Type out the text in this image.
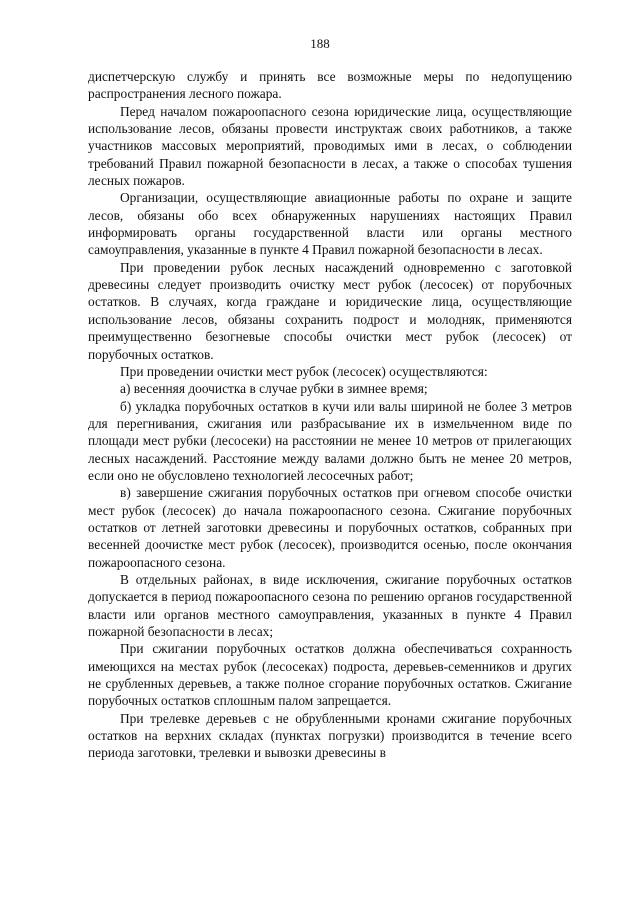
188

диспетчерскую службу и принять все возможные меры по недопущению распространения лесного пожара.

Перед началом пожароопасного сезона юридические лица, осуществляющие использование лесов, обязаны провести инструктаж своих работников, а также участников массовых мероприятий, проводимых ими в лесах, о соблюдении требований Правил пожарной безопасности в лесах, а также о способах тушения лесных пожаров.

Организации, осуществляющие авиационные работы по охране и защите лесов, обязаны обо всех обнаруженных нарушениях настоящих Правил информировать органы государственной власти или органы местного самоуправления, указанные в пункте 4 Правил пожарной безопасности в лесах.

При проведении рубок лесных насаждений одновременно с заготовкой древесины следует производить очистку мест рубок (лесосек) от порубочных остатков. В случаях, когда граждане и юридические лица, осуществляющие использование лесов, обязаны сохранить подрост и молодняк, применяются преимущественно безогневые способы очистки мест рубок (лесосек) от порубочных остатков.

При проведении очистки мест рубок (лесосек) осуществляются:

а) весенняя доочистка в случае рубки в зимнее время;

б) укладка порубочных остатков в кучи или валы шириной не более 3 метров для перегнивания, сжигания или разбрасывание их в измельченном виде по площади мест рубки (лесосеки) на расстоянии не менее 10 метров от прилегающих лесных насаждений. Расстояние между валами должно быть не менее 20 метров, если оно не обусловлено технологией лесосечных работ;

в) завершение сжигания порубочных остатков при огневом способе очистки мест рубок (лесосек) до начала пожароопасного сезона. Сжигание порубочных остатков от летней заготовки древесины и порубочных остатков, собранных при весенней доочистке мест рубок (лесосек), производится осенью, после окончания пожароопасного сезона.

В отдельных районах, в виде исключения, сжигание порубочных остатков допускается в период пожароопасного сезона по решению органов государственной власти или органов местного самоуправления, указанных в пункте 4 Правил пожарной безопасности в лесах;

При сжигании порубочных остатков должна обеспечиваться сохранность имеющихся на местах рубок (лесосеках) подроста, деревьев-семенников и других не срубленных деревьев, а также полное сгорание порубочных остатков. Сжигание порубочных остатков сплошным палом запрещается.

При трелевке деревьев с не обрубленными кронами сжигание порубочных остатков на верхних складах (пунктах погрузки) производится в течение всего периода заготовки, трелевки и вывозки древесины в
